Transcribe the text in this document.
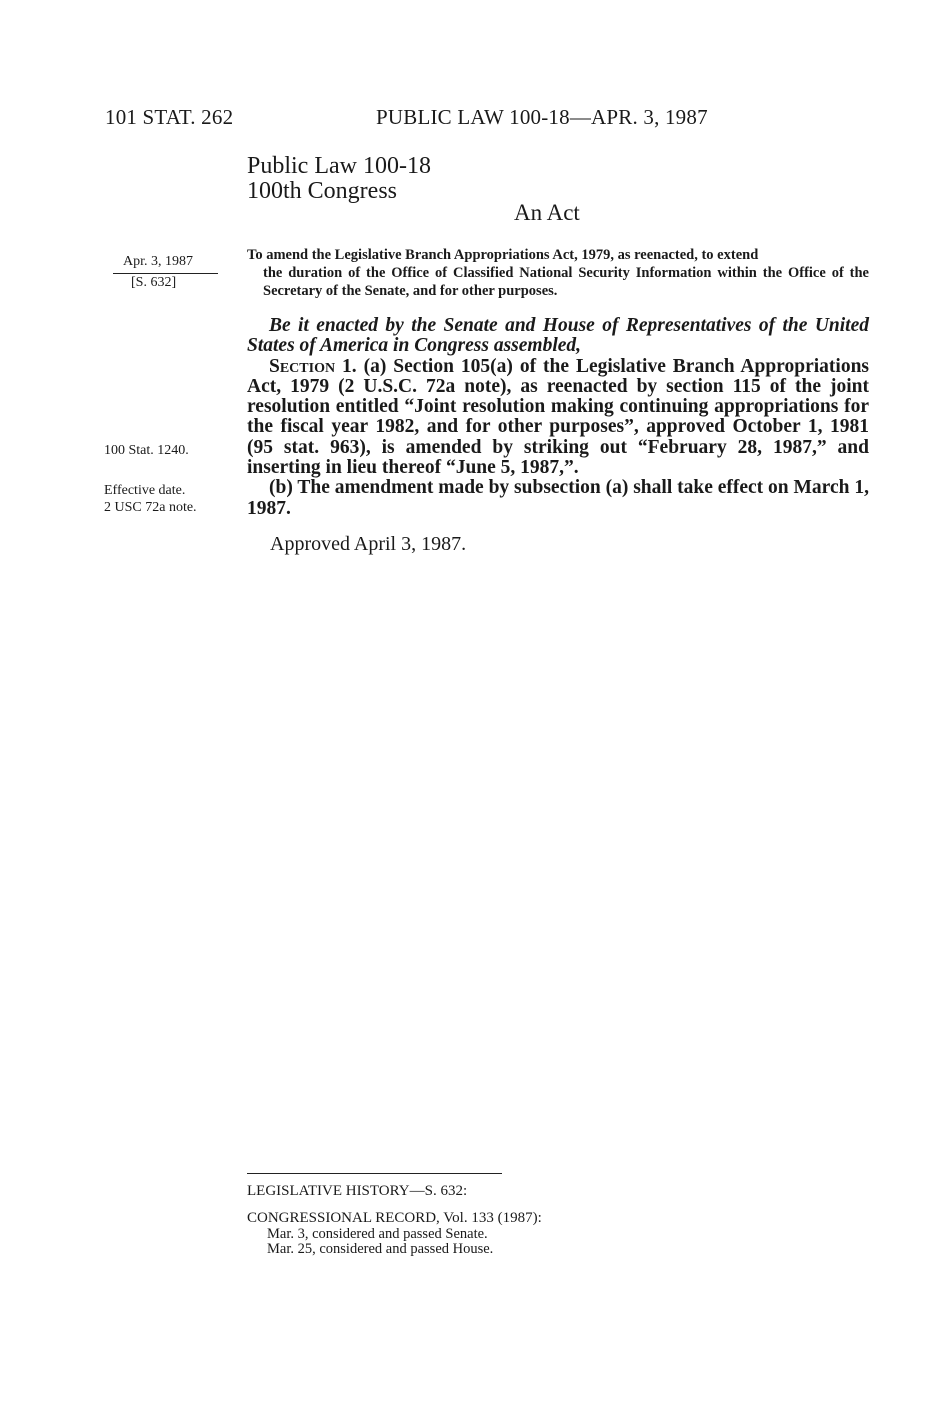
101 STAT. 262	PUBLIC LAW 100-18—APR. 3, 1987
Public Law 100-18
100th Congress
An Act
Apr. 3, 1987
[S. 632]
To amend the Legislative Branch Appropriations Act, 1979, as reenacted, to extend
the duration of the Office of Classified National Security Information within the Office of the Secretary of the Senate, and for other purposes.

Be it enacted by the Senate and House of Representatives of the United States of America in Congress assembled,

Section 1. (a) Section 105(a) of the Legislative Branch Appropriations Act, 1979 (2 U.S.C. 72a note), as reenacted by section 115 of the joint resolution entitled “Joint resolution making continuing appropriations for the fiscal year 1982, and for other purposes”, approved October 1, 1981 (95 stat. 963), is amended by striking out “February 28, 1987,” and inserting in lieu thereof “June 5, 1987,”.

(b) The amendment made by subsection (a) shall take effect on March 1, 1987.

100 Stat. 1240.
Effective date.
2 USC 72a note.
Approved April 3, 1987.
LEGISLATIVE HISTORY—S. 632:
CONGRESSIONAL RECORD, Vol. 133 (1987):
Mar. 3, considered and passed Senate.
Mar. 25, considered and passed House.
